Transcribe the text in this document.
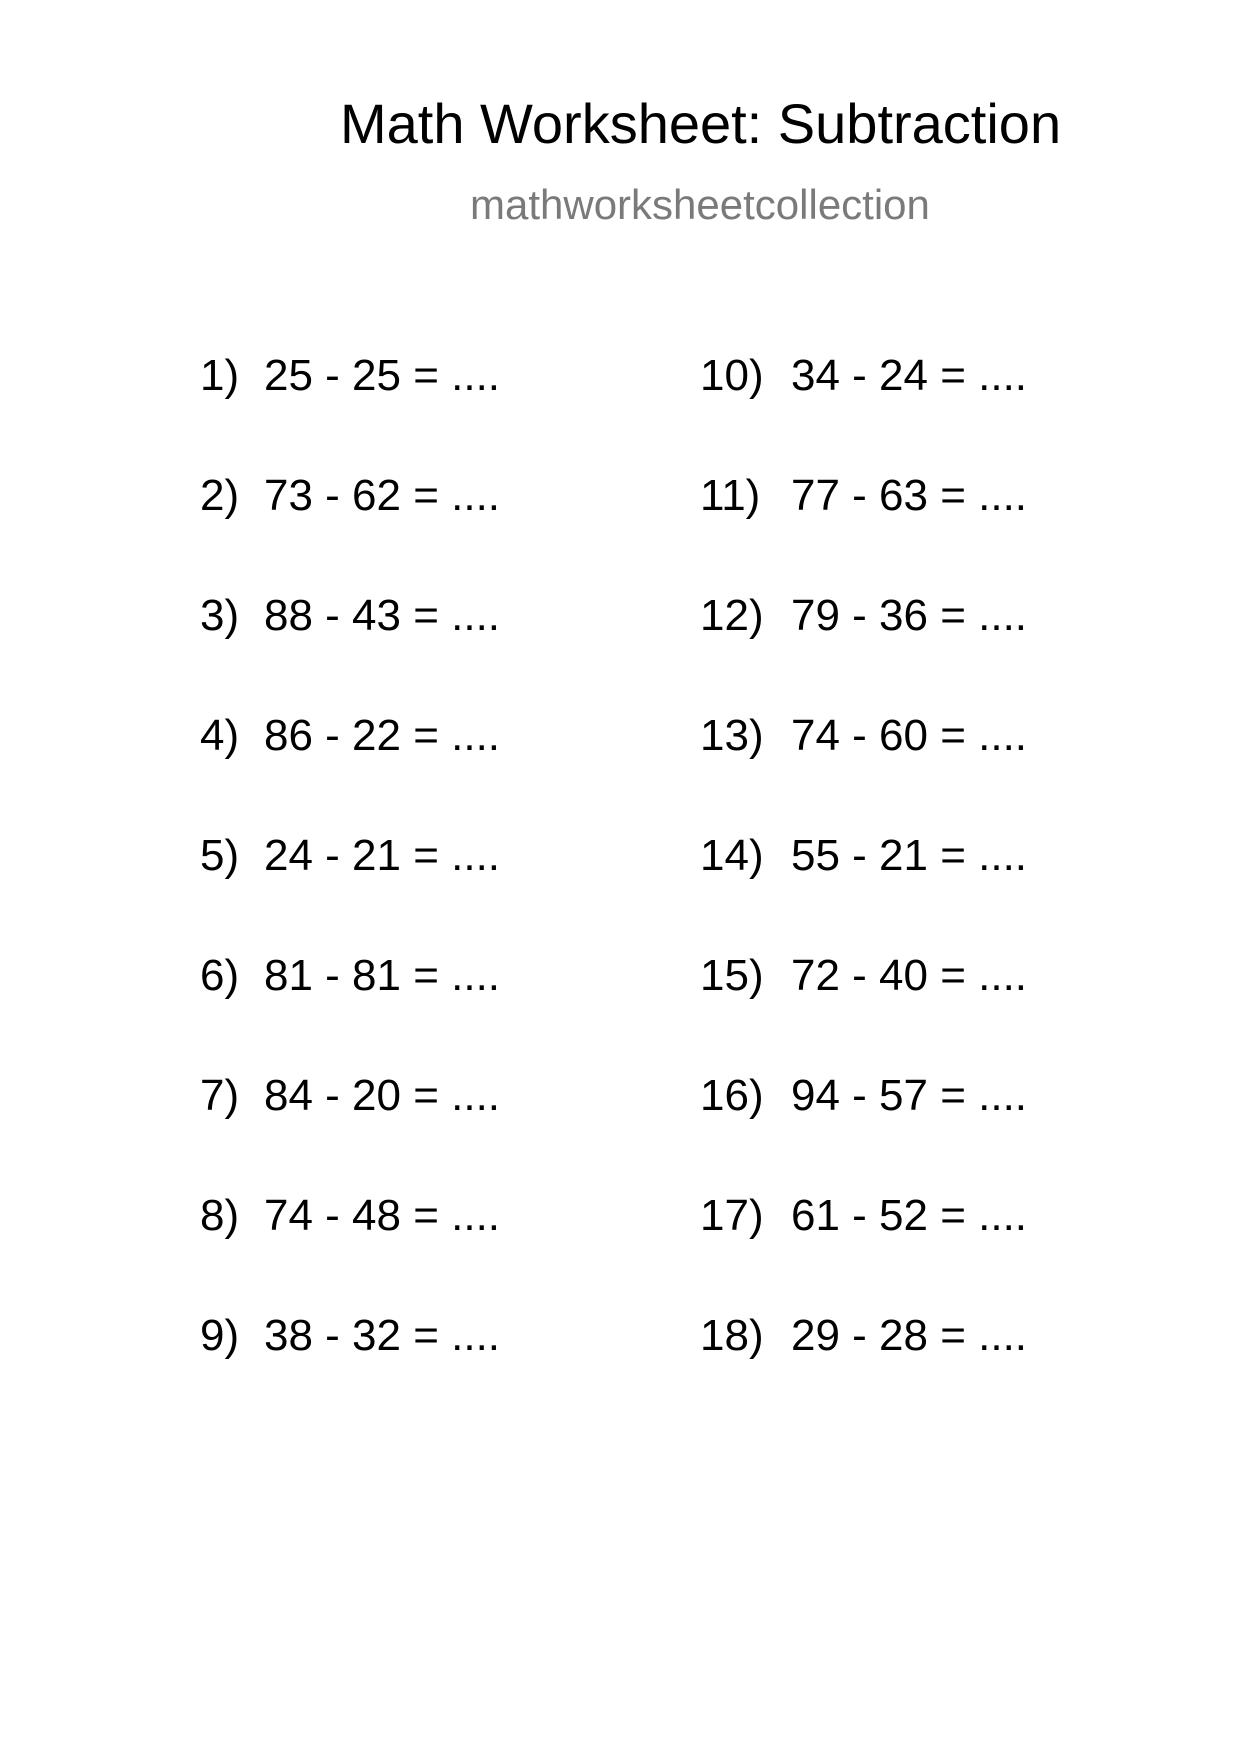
Math Worksheet: Subtraction
mathworksheetcollection
1) 25 - 25 = ....
2) 73 - 62 = ....
3) 88 - 43 = ....
4) 86 - 22 = ....
5) 24 - 21 = ....
6) 81 - 81 = ....
7) 84 - 20 = ....
8) 74 - 48 = ....
9) 38 - 32 = ....
10) 34 - 24 = ....
11) 77 - 63 = ....
12) 79 - 36 = ....
13) 74 - 60 = ....
14) 55 - 21 = ....
15) 72 - 40 = ....
16) 94 - 57 = ....
17) 61 - 52 = ....
18) 29 - 28 = ....
